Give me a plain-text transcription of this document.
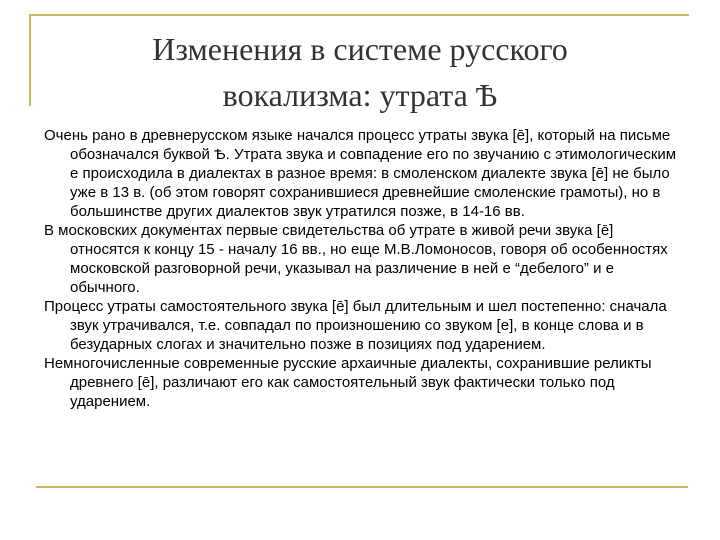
Изменения в системе русского
вокализма: утрата Ѣ

Очень рано в древнерусском языке начался процесс утраты звука [ē], который на письме обозначался буквой Ѣ. Утрата звука и совпадение его по звучанию с этимологическим е происходила в диалектах в разное время: в смоленском диалекте звука [ē] не было уже в 13 в. (об этом говорят сохранившиеся древнейшие смоленские грамоты), но в большинстве других диалектов звук утратился позже, в 14-16 вв.

В московских документах первые свидетельства об утрате в живой речи звука [ē] относятся к концу 15 - началу 16 вв., но еще М.В.Ломоносов, говоря об особенностях московской разговорной речи, указывал на различение в ней е “дебелого” и е обычного.

Процесс утраты самостоятельного звука [ē] был длительным и шел постепенно: сначала звук утрачивался, т.е. совпадал по произношению со звуком [е], в конце слова и в безударных слогах и значительно позже в позициях под ударением.

Немногочисленные современные русские архаичные диалекты, сохранившие реликты древнего [ē], различают его как самостоятельный звук фактически только под ударением.
